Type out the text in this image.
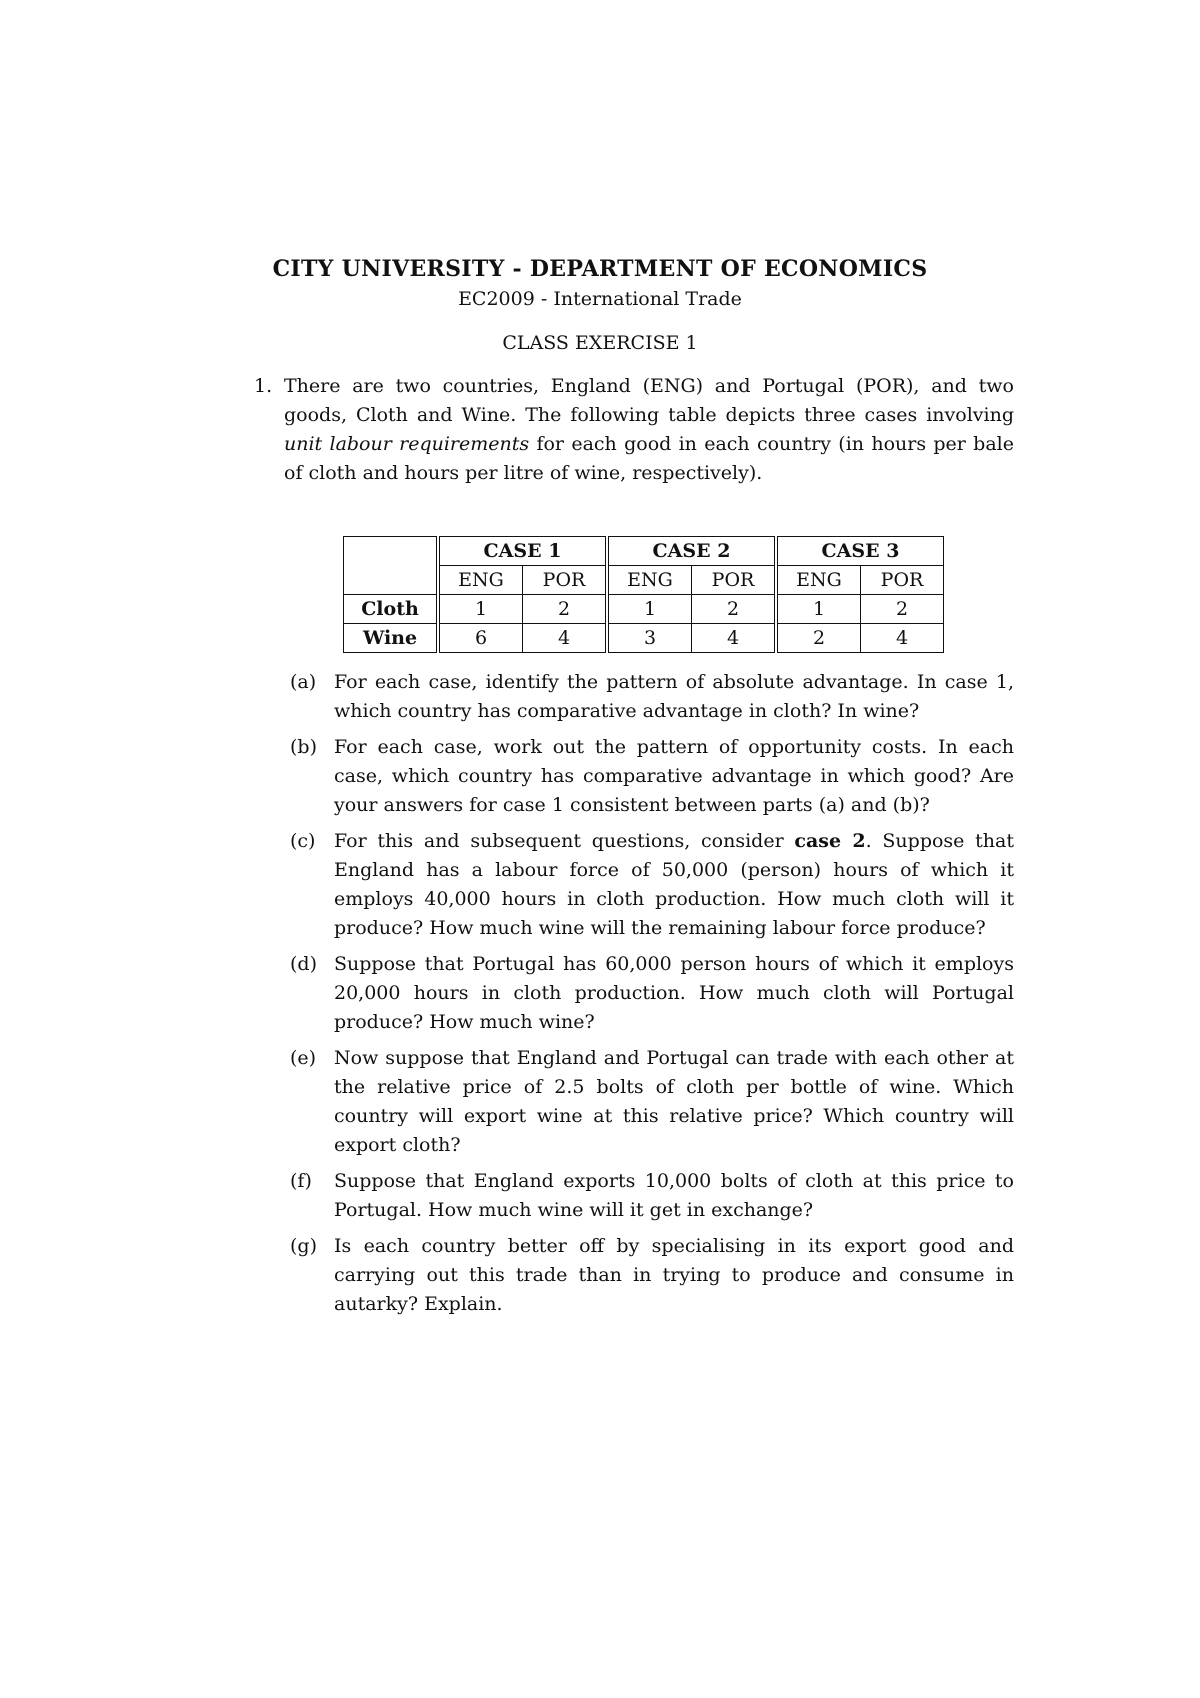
CITY UNIVERSITY - DEPARTMENT OF ECONOMICS
EC2009 - International Trade
CLASS EXERCISE 1
1. There are two countries, England (ENG) and Portugal (POR), and two goods, Cloth and Wine. The following table depicts three cases involving unit labour requirements for each good in each country (in hours per bale of cloth and hours per litre of wine, respectively).
	CASE 1		CASE 2		CASE 3	
	ENG	POR	ENG	POR	ENG	POR
Cloth	1	2	1	2	1	2
Wine	6	4	3	4	2	4
(a) For each case, identify the pattern of absolute advantage. In case 1, which country has comparative advantage in cloth? In wine?
(b) For each case, work out the pattern of opportunity costs. In each case, which country has comparative advantage in which good? Are your answers for case 1 consistent between parts (a) and (b)?
(c) For this and subsequent questions, consider case 2. Suppose that England has a labour force of 50,000 (person) hours of which it employs 40,000 hours in cloth production. How much cloth will it produce? How much wine will the remaining labour force produce?
(d) Suppose that Portugal has 60,000 person hours of which it employs 20,000 hours in cloth production. How much cloth will Portugal produce? How much wine?
(e) Now suppose that England and Portugal can trade with each other at the relative price of 2.5 bolts of cloth per bottle of wine. Which country will export wine at this relative price? Which country will export cloth?
(f) Suppose that England exports 10,000 bolts of cloth at this price to Portugal. How much wine will it get in exchange?
(g) Is each country better off by specialising in its export good and carrying out this trade than in trying to produce and consume in autarky? Explain.
